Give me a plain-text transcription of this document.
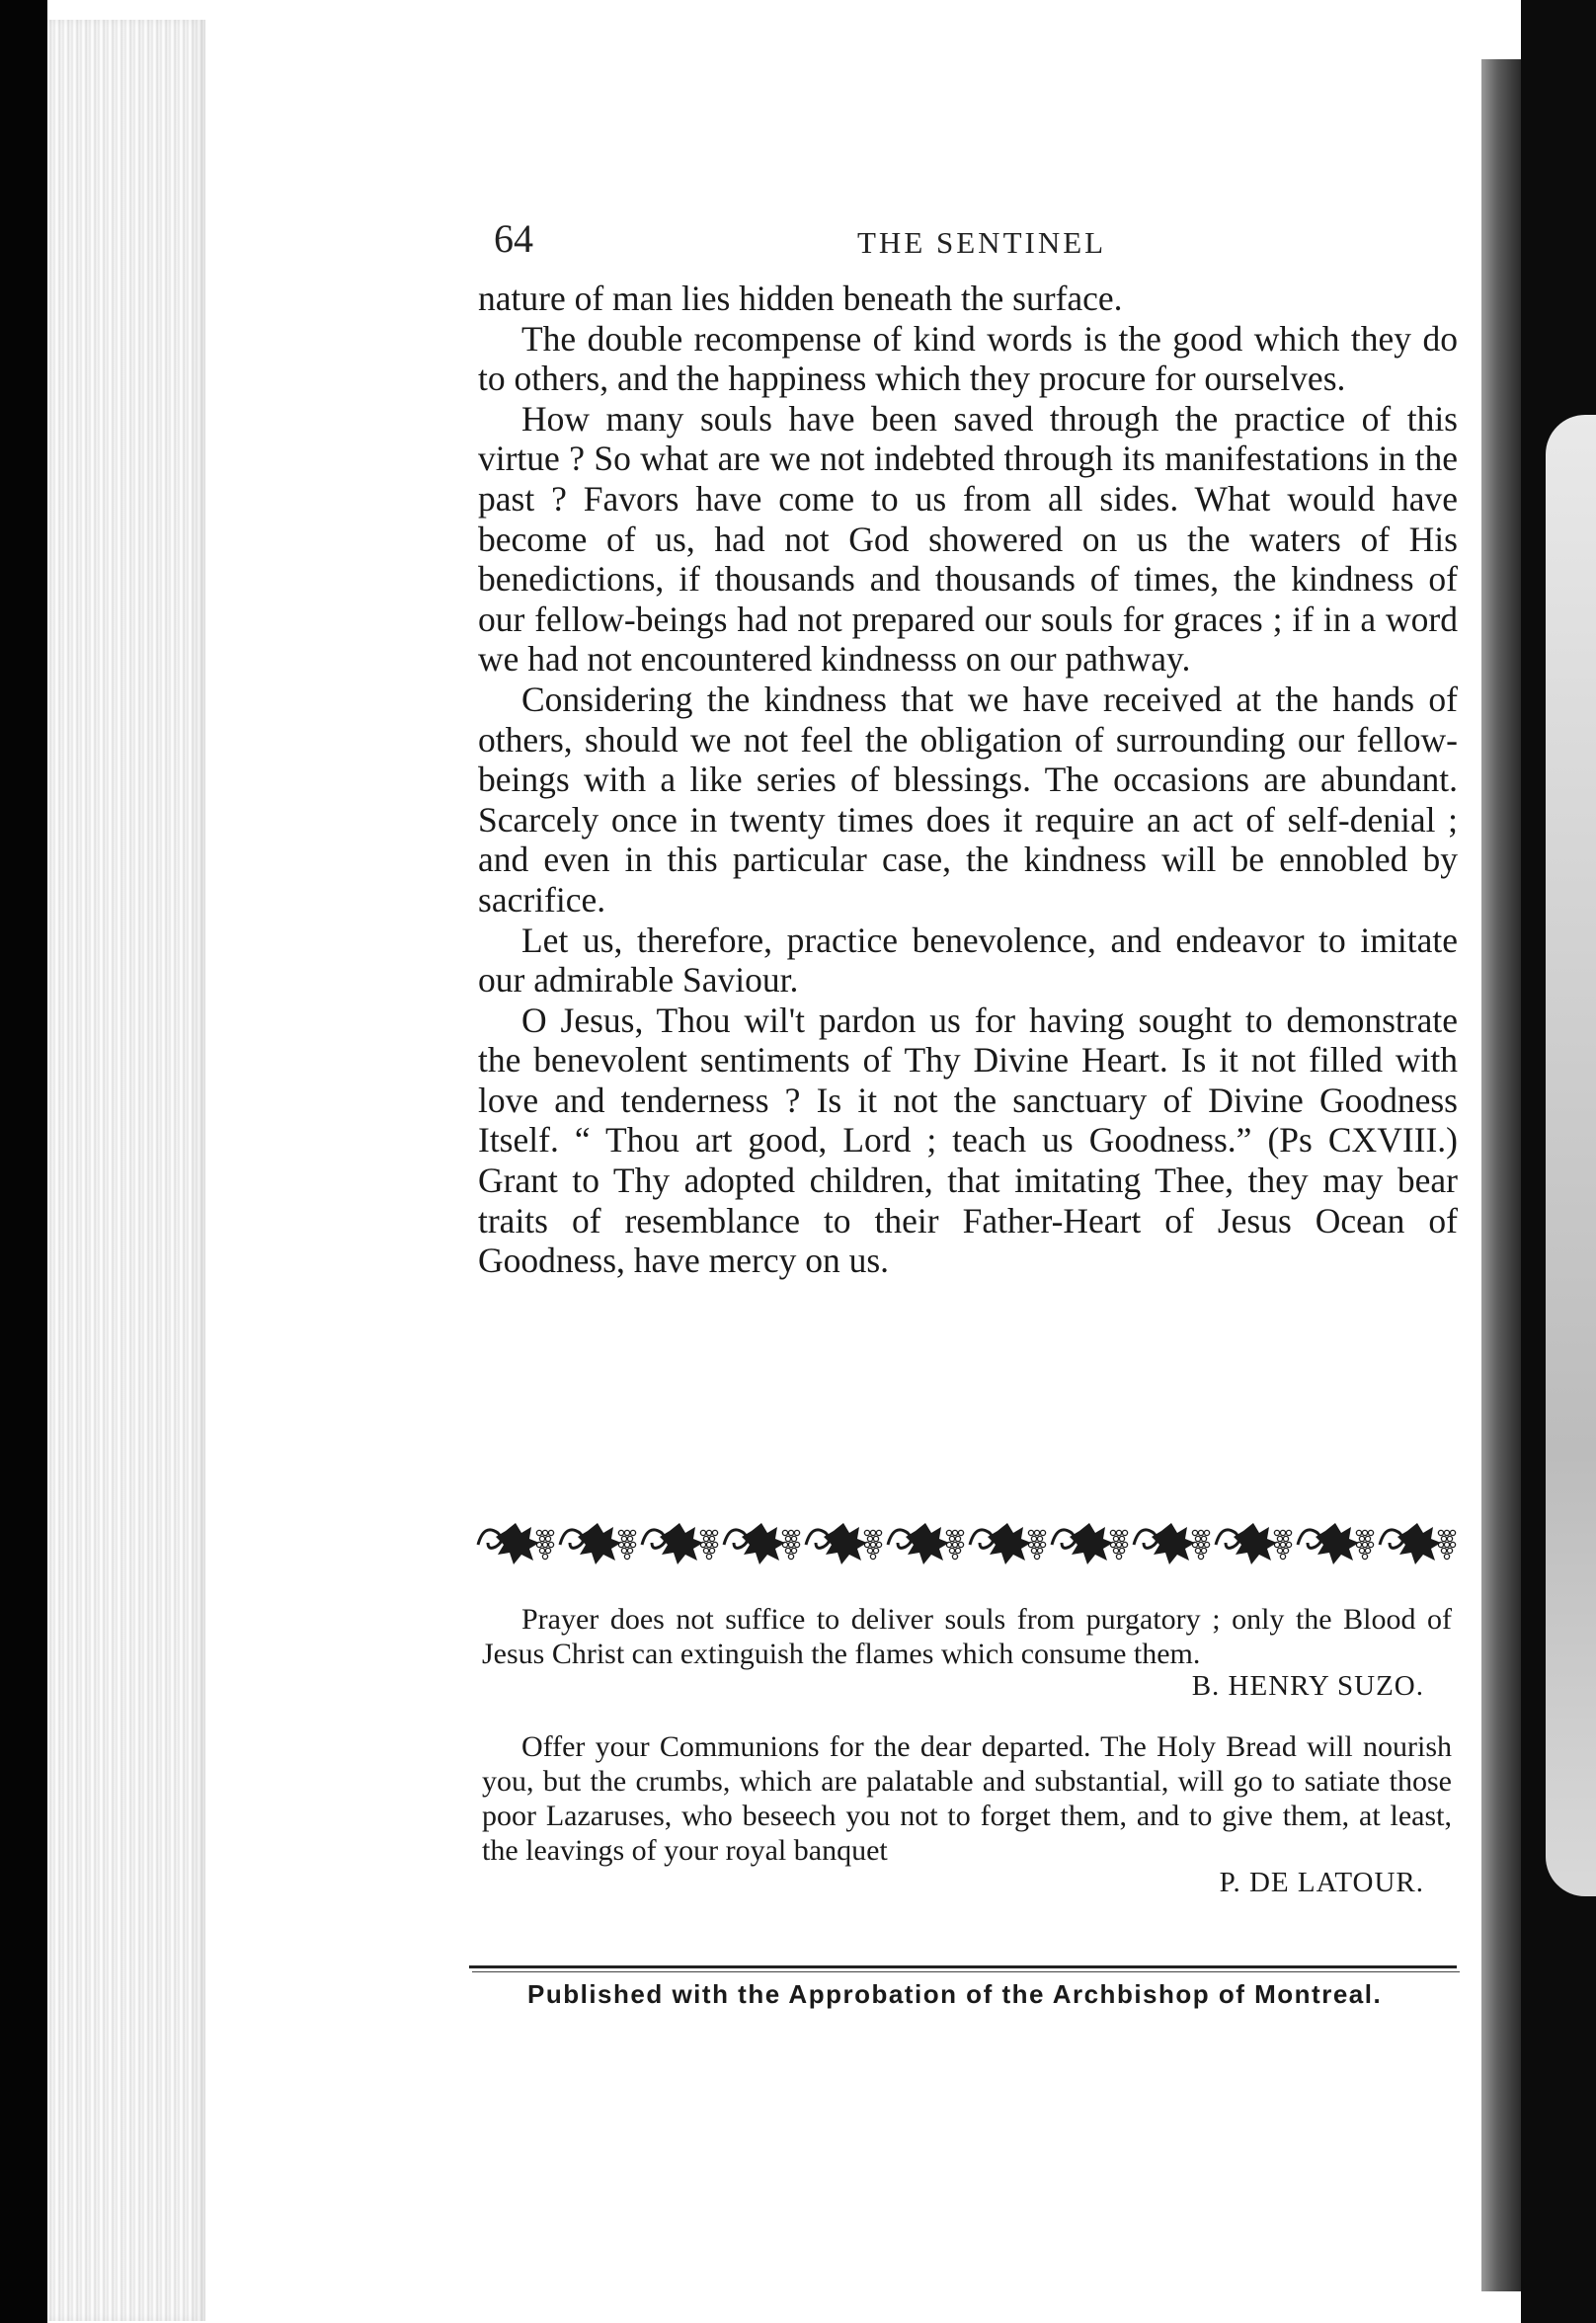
64	THE SENTINEL

nature of man lies hidden beneath the surface.

The double recompense of kind words is the good which they do to others, and the happiness which they procure for ourselves.

How many souls have been saved through the practice of this virtue ? So what are we not indebted through its manifestations in the past ? Favors have come to us from all sides. What would have become of us, had not God showered on us the waters of His benedictions, if thousands and thousands of times, the kindness of our fellow-beings had not prepared our souls for graces ; if in a word we had not encountered kindnesss on our pathway.

Considering the kindness that we have received at the hands of others, should we not feel the obligation of surrounding our fellow-beings with a like series of blessings. The occasions are abundant. Scarcely once in twenty times does it require an act of self-denial ; and even in this particular case, the kindness will be ennobled by sacrifice.

Let us, therefore, practice benevolence, and endeavor to imitate our admirable Saviour.

O Jesus, Thou wil't pardon us for having sought to demonstrate the benevolent sentiments of Thy Divine Heart. Is it not filled with love and tenderness ? Is it not the sanctuary of Divine Goodness Itself. “ Thou art good, Lord ; teach us Goodness.” (Ps CXVIII.) Grant to Thy adopted children, that imitating Thee, they may bear traits of resemblance to their Father-Heart of Jesus Ocean of Goodness, have mercy on us.

Prayer does not suffice to deliver souls from purgatory ; only the Blood of Jesus Christ can extinguish the flames which consume them.

B. HENRY SUZO.

Offer your Communions for the dear departed. The Holy Bread will nourish you, but the crumbs, which are palatable and substantial, will go to satiate those poor Lazaruses, who beseech you not to forget them, and to give them, at least, the leavings of your royal banquet

P. DE LATOUR.
Published with the Approbation of the Archbishop of Montreal.
